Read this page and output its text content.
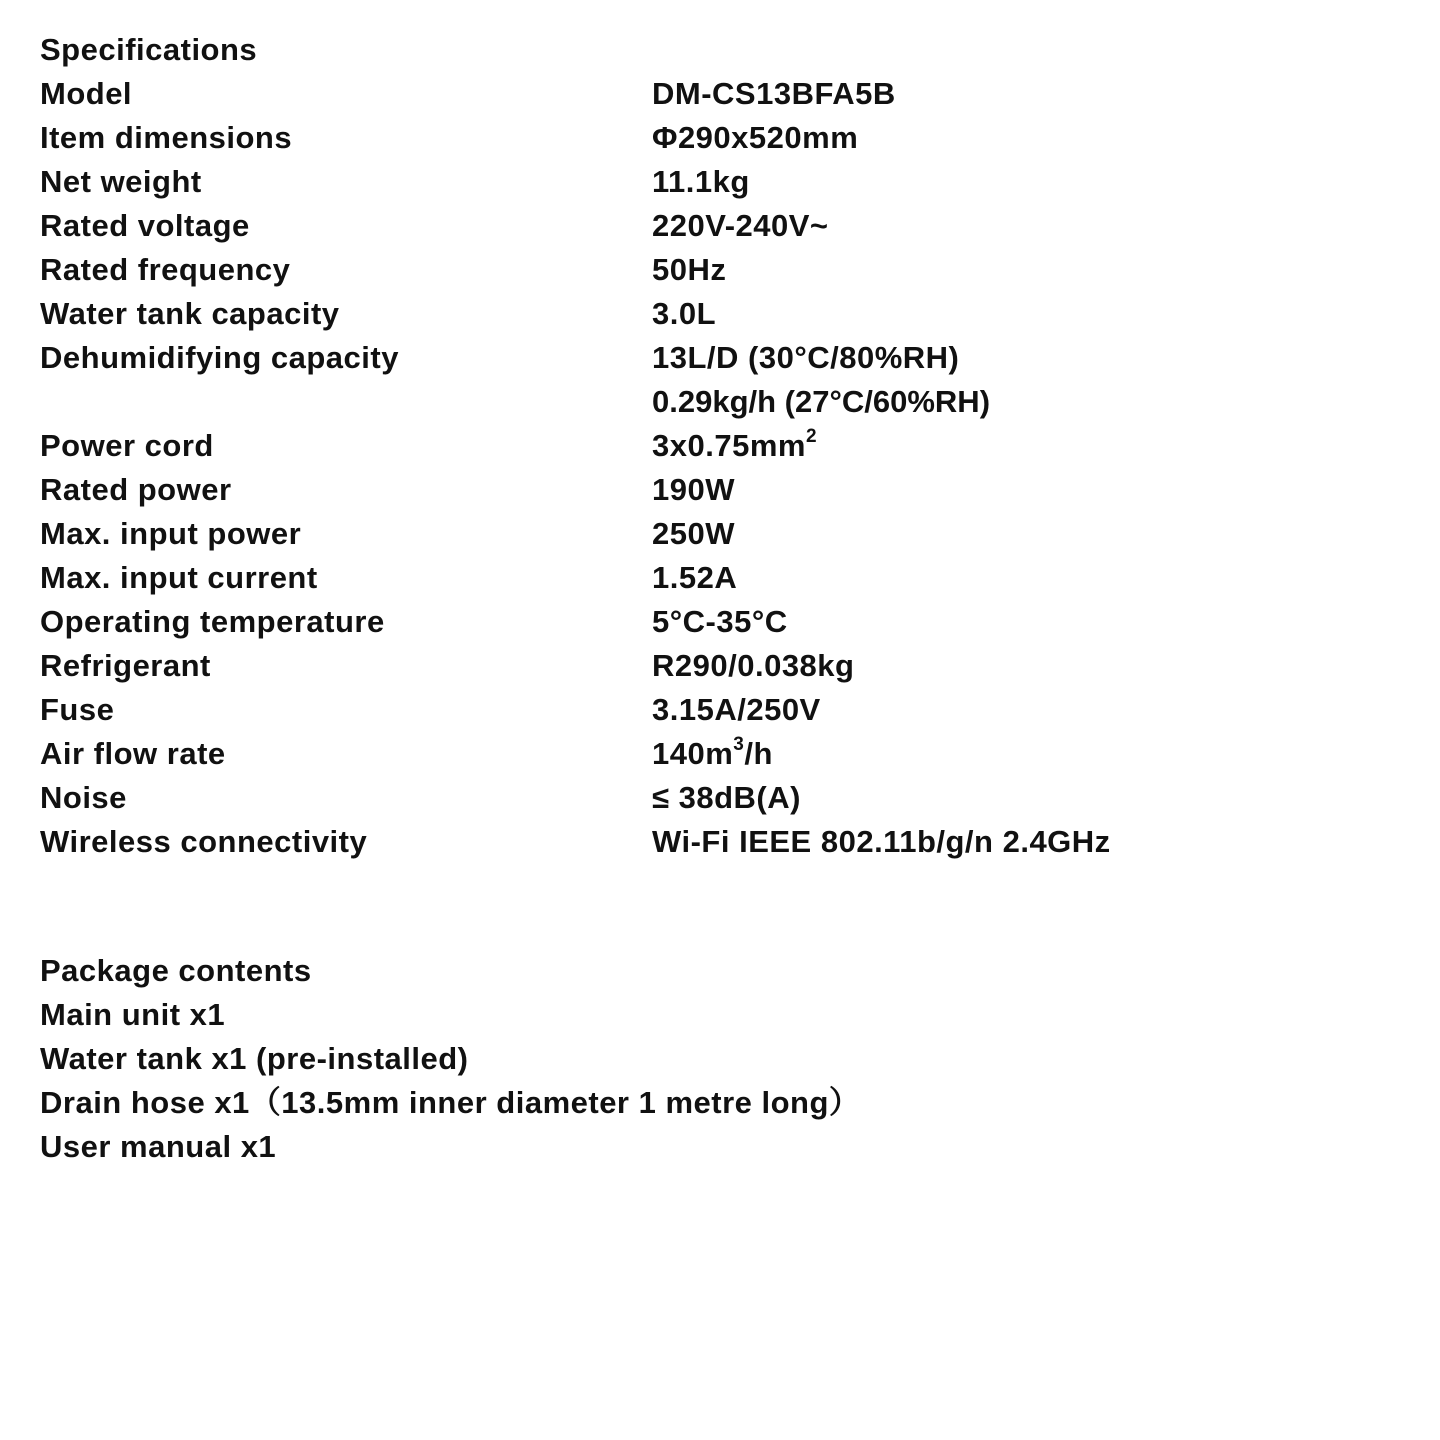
Specifications
Model	DM-CS13BFA5B
Item dimensions	Φ290x520mm
Net weight	11.1kg
Rated voltage	220V-240V~
Rated frequency	50Hz
Water tank capacity	3.0L
Dehumidifying capacity	13L/D (30°C/80%RH)
0.29kg/h (27°C/60%RH)
Power cord	$3x0.75mm^2$
Rated power	190W
Max. input power	250W
Max. input current	1.52A
Operating temperature	5°C-35°C
Refrigerant	R290/0.038kg
Fuse	3.15A/250V
Air flow rate	$140m^3/h$
Noise	≤ 38dB(A)
Wireless connectivity	Wi-Fi IEEE 802.11b/g/n 2.4GHz
Package contents
Main unit x1
Water tank x1 (pre-installed)
Drain hose x1（13.5mm inner diameter 1 metre long）
User manual x1
